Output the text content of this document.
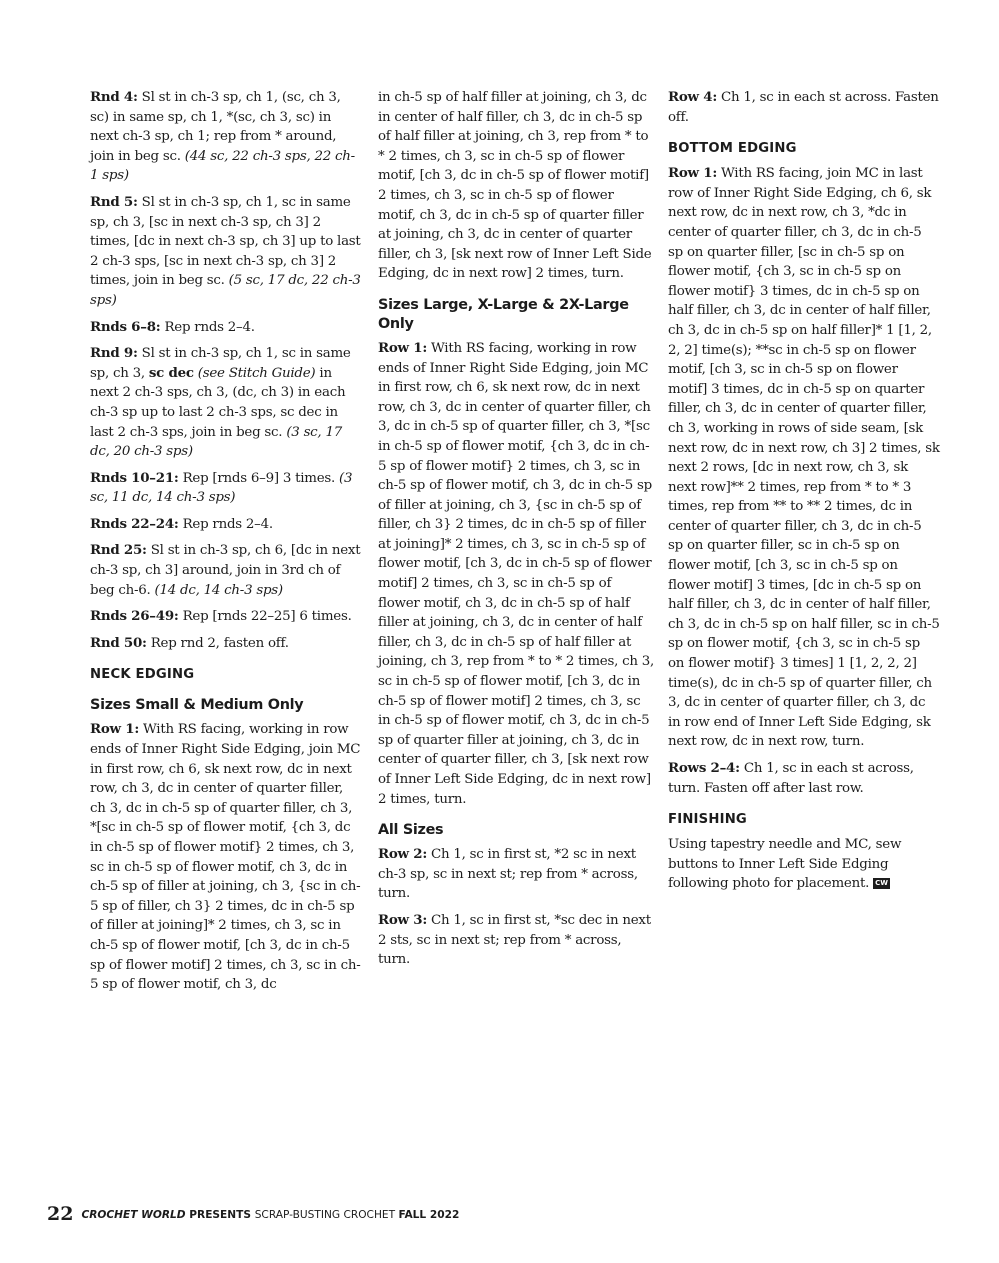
Rnd 4: Sl st in ch-3 sp, ch 1, (sc, ch 3, sc) in same sp, ch 1, *(sc, ch 3, sc) in next ch-3 sp, ch 1; rep from * around, join in beg sc. (44 sc, 22 ch-3 sps, 22 ch-1 sps)

Rnd 5: Sl st in ch-3 sp, ch 1, sc in same sp, ch 3, [sc in next ch-3 sp, ch 3] 2 times, [dc in next ch-3 sp, ch 3] up to last 2 ch-3 sps, [sc in next ch-3 sp, ch 3] 2 times, join in beg sc. (5 sc, 17 dc, 22 ch-3 sps)

Rnds 6–8: Rep rnds 2–4.

Rnd 9: Sl st in ch-3 sp, ch 1, sc in same sp, ch 3, sc dec (see Stitch Guide) in next 2 ch-3 sps, ch 3, (dc, ch 3) in each ch-3 sp up to last 2 ch-3 sps, sc dec in last 2 ch-3 sps, join in beg sc. (3 sc, 17 dc, 20 ch-3 sps)

Rnds 10–21: Rep [rnds 6–9] 3 times. (3 sc, 11 dc, 14 ch-3 sps)

Rnds 22–24: Rep rnds 2–4.

Rnd 25: Sl st in ch-3 sp, ch 6, [dc in next ch-3 sp, ch 3] around, join in 3rd ch of beg ch-6. (14 dc, 14 ch-3 sps)

Rnds 26–49: Rep [rnds 22–25] 6 times.

Rnd 50: Rep rnd 2, fasten off.

NECK EDGING
Sizes Small & Medium Only

Row 1: With RS facing, working in row ends of Inner Right Side Edging, join MC in first row, ch 6, sk next row, dc in next row, ch 3, dc in center of quarter filler, ch 3, dc in ch-5 sp of quarter filler, ch 3, *[sc in ch-5 sp of flower motif, {ch 3, dc in ch-5 sp of flower motif} 2 times, ch 3, sc in ch-5 sp of flower motif, ch 3, dc in ch-5 sp of filler at joining, ch 3, {sc in ch-5 sp of filler, ch 3} 2 times, dc in ch-5 sp of filler at joining]* 2 times, ch 3, sc in ch-5 sp of flower motif, [ch 3, dc in ch-5 sp of flower motif] 2 times, ch 3, sc in ch-5 sp of flower motif, ch 3, dc

in ch-5 sp of half filler at joining, ch 3, dc in center of half filler, ch 3, dc in ch-5 sp of half filler at joining, ch 3, rep from * to * 2 times, ch 3, sc in ch-5 sp of flower motif, [ch 3, dc in ch-5 sp of flower motif] 2 times, ch 3, sc in ch-5 sp of flower motif, ch 3, dc in ch-5 sp of quarter filler at joining, ch 3, dc in center of quarter filler, ch 3, [sk next row of Inner Left Side Edging, dc in next row] 2 times, turn.

Sizes Large, X-Large & 2X-Large Only

Row 1: With RS facing, working in row ends of Inner Right Side Edging, join MC in first row, ch 6, sk next row, dc in next row, ch 3, dc in center of quarter filler, ch 3, dc in ch-5 sp of quarter filler, ch 3, *[sc in ch-5 sp of flower motif, {ch 3, dc in ch-5 sp of flower motif} 2 times, ch 3, sc in ch-5 sp of flower motif, ch 3, dc in ch-5 sp of filler at joining, ch 3, {sc in ch-5 sp of filler, ch 3} 2 times, dc in ch-5 sp of filler at joining]* 2 times, ch 3, sc in ch-5 sp of flower motif, [ch 3, dc in ch-5 sp of flower motif] 2 times, ch 3, sc in ch-5 sp of flower motif, ch 3, dc in ch-5 sp of half filler at joining, ch 3, dc in center of half filler, ch 3, dc in ch-5 sp of half filler at joining, ch 3, rep from * to * 2 times, ch 3, sc in ch-5 sp of flower motif, [ch 3, dc in ch-5 sp of flower motif] 2 times, ch 3, sc in ch-5 sp of flower motif, ch 3, dc in ch-5 sp of quarter filler at joining, ch 3, dc in center of quarter filler, ch 3, [sk next row of Inner Left Side Edging, dc in next row] 2 times, turn.

All Sizes

Row 2: Ch 1, sc in first st, *2 sc in next ch-3 sp, sc in next st; rep from * across, turn.

Row 3: Ch 1, sc in first st, *sc dec in next 2 sts, sc in next st; rep from * across, turn.

Row 4: Ch 1, sc in each st across. Fasten off.

BOTTOM EDGING

Row 1: With RS facing, join MC in last row of Inner Right Side Edging, ch 6, sk next row, dc in next row, ch 3, *dc in center of quarter filler, ch 3, dc in ch-5 sp on quarter filler, [sc in ch-5 sp on flower motif, {ch 3, sc in ch-5 sp on flower motif} 3 times, dc in ch-5 sp on half filler, ch 3, dc in center of half filler, ch 3, dc in ch-5 sp on half filler]* 1 [1, 2, 2, 2] time(s); **sc in ch-5 sp on flower motif, [ch 3, sc in ch-5 sp on flower motif] 3 times, dc in ch-5 sp on quarter filler, ch 3, dc in center of quarter filler, ch 3, working in rows of side seam, [sk next row, dc in next row, ch 3] 2 times, sk next 2 rows, [dc in next row, ch 3, sk next row]** 2 times, rep from * to * 3 times, rep from ** to ** 2 times, dc in center of quarter filler, ch 3, dc in ch-5 sp on quarter filler, sc in ch-5 sp on flower motif, [ch 3, sc in ch-5 sp on flower motif] 3 times, [dc in ch-5 sp on half filler, ch 3, dc in center of half filler, ch 3, dc in ch-5 sp on half filler, sc in ch-5 sp on flower motif, {ch 3, sc in ch-5 sp on flower motif} 3 times] 1 [1, 2, 2, 2] time(s), dc in ch-5 sp of quarter filler, ch 3, dc in center of quarter filler, ch 3, dc in row end of Inner Left Side Edging, sk next row, dc in next row, turn.

Rows 2–4: Ch 1, sc in each st across, turn. Fasten off after last row.

FINISHING

Using tapestry needle and MC, sew buttons to Inner Left Side Edging following photo for placement. CW

22 CROCHET WORLD PRESENTS SCRAP-BUSTING CROCHET FALL 2022
